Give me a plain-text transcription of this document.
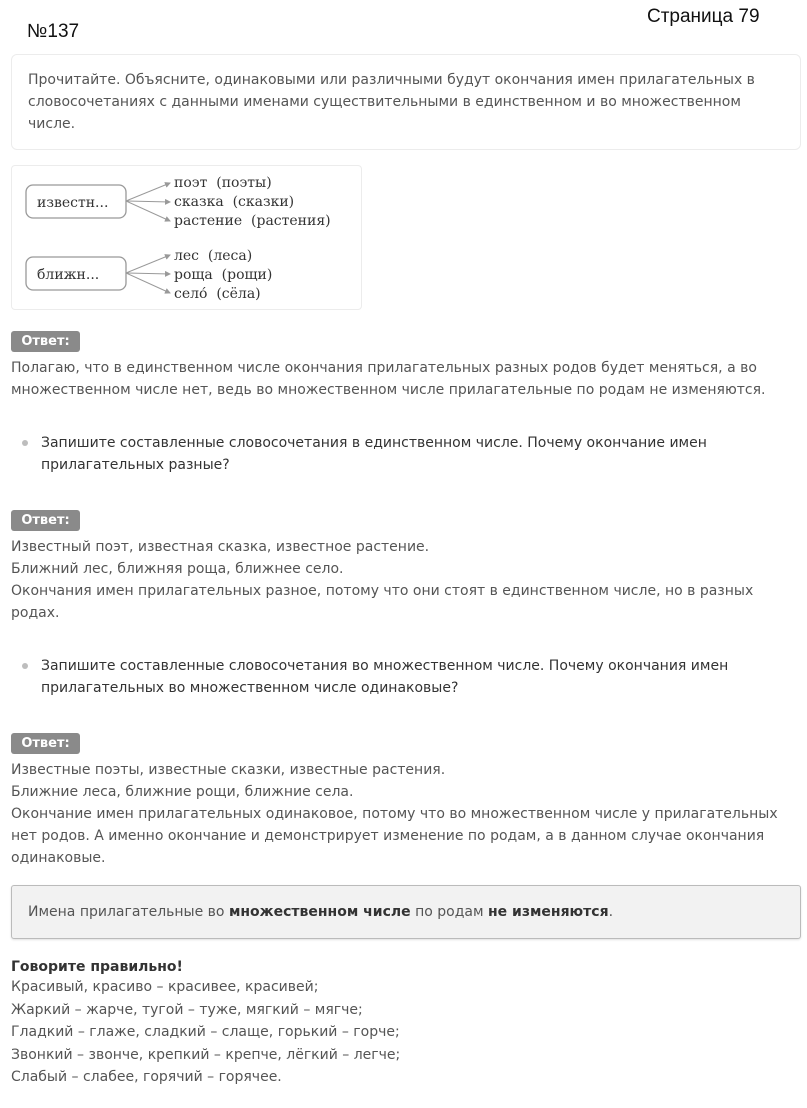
№137
Страница 79

Прочитайте. Объясните, одинаковыми или различными будут окончания имен прилагательных в словосочетаниях с данными именами существительными в единственном и во множественном числе.

известн...
поэт  (поэты)
сказка  (сказки)
растение  (растения)
ближн...
лес  (леса)
роща  (рощи)
село́  (сёла)
Ответ:

Полагаю, что в единственном числе окончания прилагательных разных родов будет меняться, а во множественном числе нет, ведь во множественном числе прилагательные по родам не изменяются.

Запишите составленные словосочетания в единственном числе. Почему окончание имен прилагательных разные?
Ответ:

Известный поэт, известная сказка, известное растение.

Ближний лес, ближняя роща, ближнее село.

Окончания имен прилагательных разное, потому что они стоят в единственном числе, но в разных родах.

Запишите составленные словосочетания во множественном числе. Почему окончания имен прилагательных во множественном числе одинаковые?
Ответ:

Известные поэты, известные сказки, известные растения.

Ближние леса, ближние рощи, ближние села.

Окончание имен прилагательных одинаковое, потому что во множественном числе у прилагательных нет родов. А именно окончание и демонстрирует изменение по родам, а в данном случае окончания одинаковые.

Имена прилагательные во множественном числе по родам не изменяются.
Говорите правильно!
Красивый, красиво – красивее, красивей;
Жаркий – жарче, тугой – туже, мягкий – мягче;
Гладкий – глаже, сладкий – слаще, горький – горче;
Звонкий – звонче, крепкий – крепче, лёгкий – легче;
Слабый – слабее, горячий – горячее.
